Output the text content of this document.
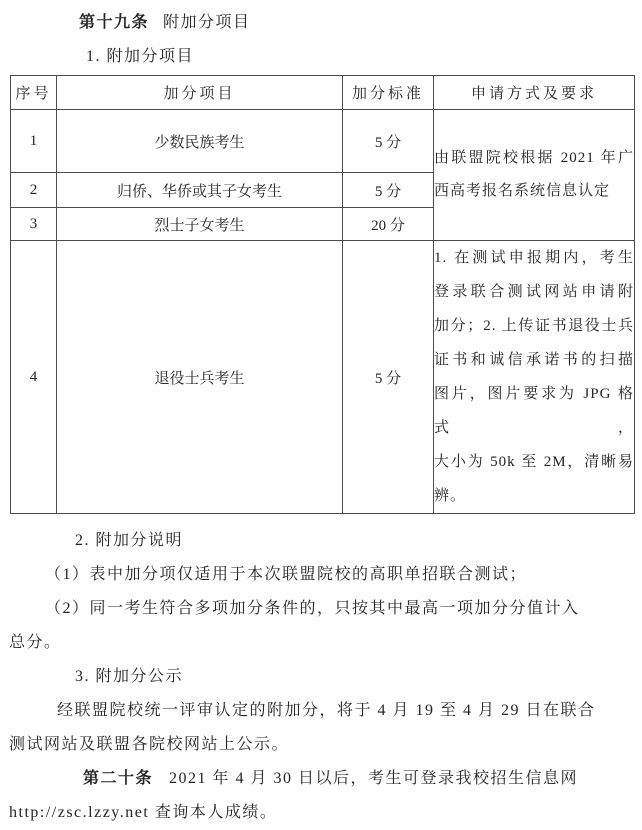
第十九条 附加分项目
1. 附加分项目
序号	加分项目	加分标准	申请方式及要求
1	少数民族考生	5 分	由联盟院校根据 2021 年广
西高考报名系统信息认定

2	归侨、华侨或其子女考生	5 分	
3	烈士子女考生	20 分	
4	退役士兵考生	5 分	
1. 在测试申报期内，考生
登录联合测试网站申请附
加分；2. 上传证书退役士兵
证书和诚信承诺书的扫描
图片，图片要求为 JPG 格式，
大小为 50k 至 2M，清晰易
辨。
2. 附加分说明
（1）表中加分项仅适用于本次联盟院校的高职单招联合测试；
（2）同一考生符合多项加分条件的，只按其中最高一项加分分值计入
总分。
3. 附加分公示
经联盟院校统一评审认定的附加分，将于 4 月 19 至 4 月 29 日在联合
测试网站及联盟各院校网站上公示。
第二十条 2021 年 4 月 30 日以后，考生可登录我校招生信息网
http://zsc.lzzy.net 查询本人成绩。
